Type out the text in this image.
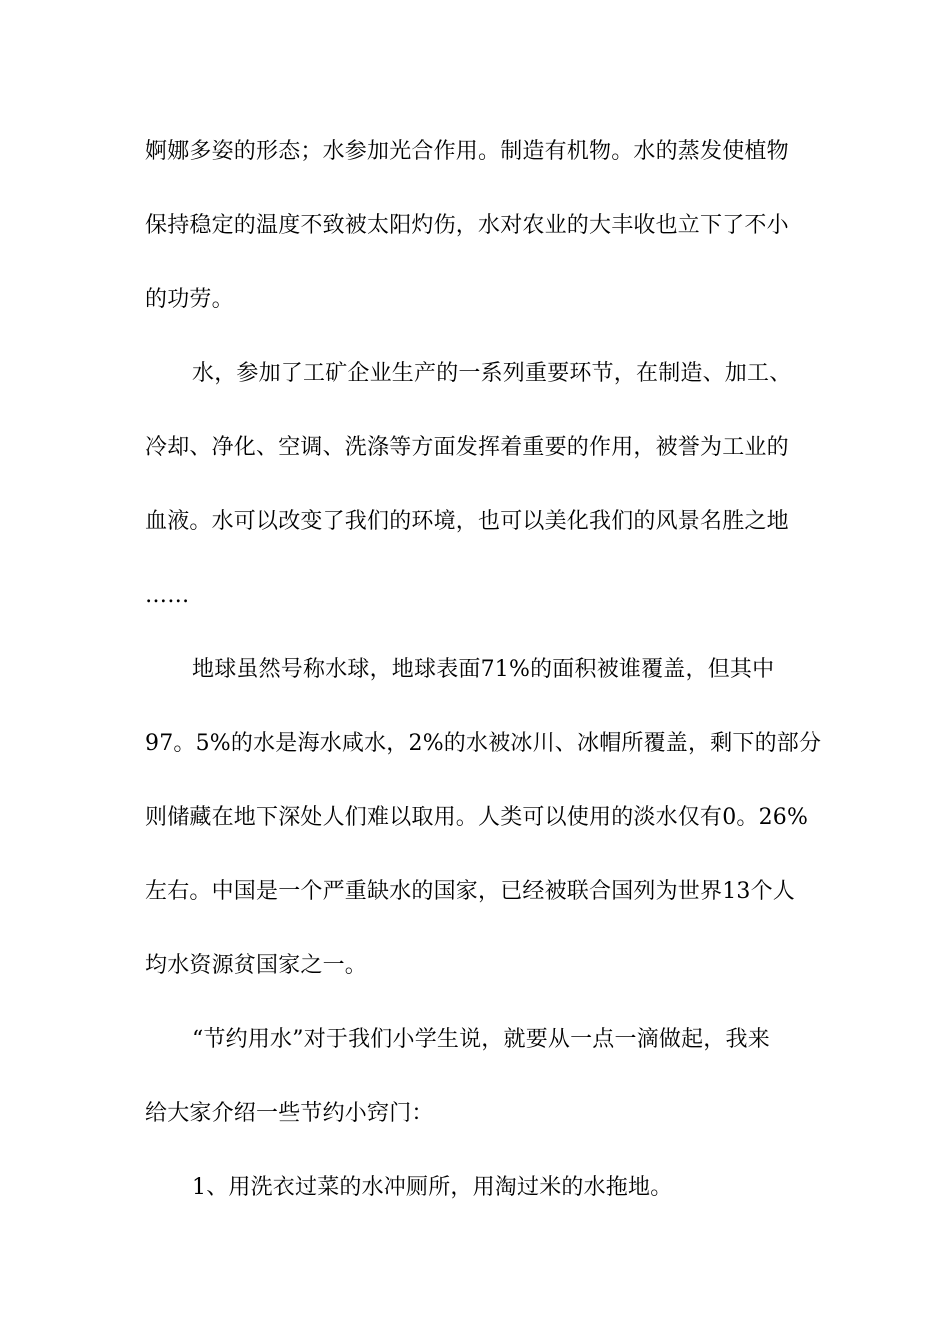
婀娜多姿的形态；水参加光合作用。制造有机物。水的蒸发使植物
保持稳定的温度不致被太阳灼伤，水对农业的大丰收也立下了不小
的功劳。
水，参加了工矿企业生产的一系列重要环节，在制造、加工、
冷却、净化、空调、洗涤等方面发挥着重要的作用，被誉为工业的
血液。水可以改变了我们的环境，也可以美化我们的风景名胜之地
……
地球虽然号称水球，地球表面71%的面积被谁覆盖，但其中
97。5%的水是海水咸水，2%的水被冰川、冰帽所覆盖，剩下的部分
则储藏在地下深处人们难以取用。人类可以使用的淡水仅有0。26%
左右。中国是一个严重缺水的国家，已经被联合国列为世界13个人
均水资源贫国家之一。
“节约用水”对于我们小学生说，就要从一点一滴做起，我来
给大家介绍一些节约小窍门：
1、用洗衣过菜的水冲厕所，用淘过米的水拖地。
